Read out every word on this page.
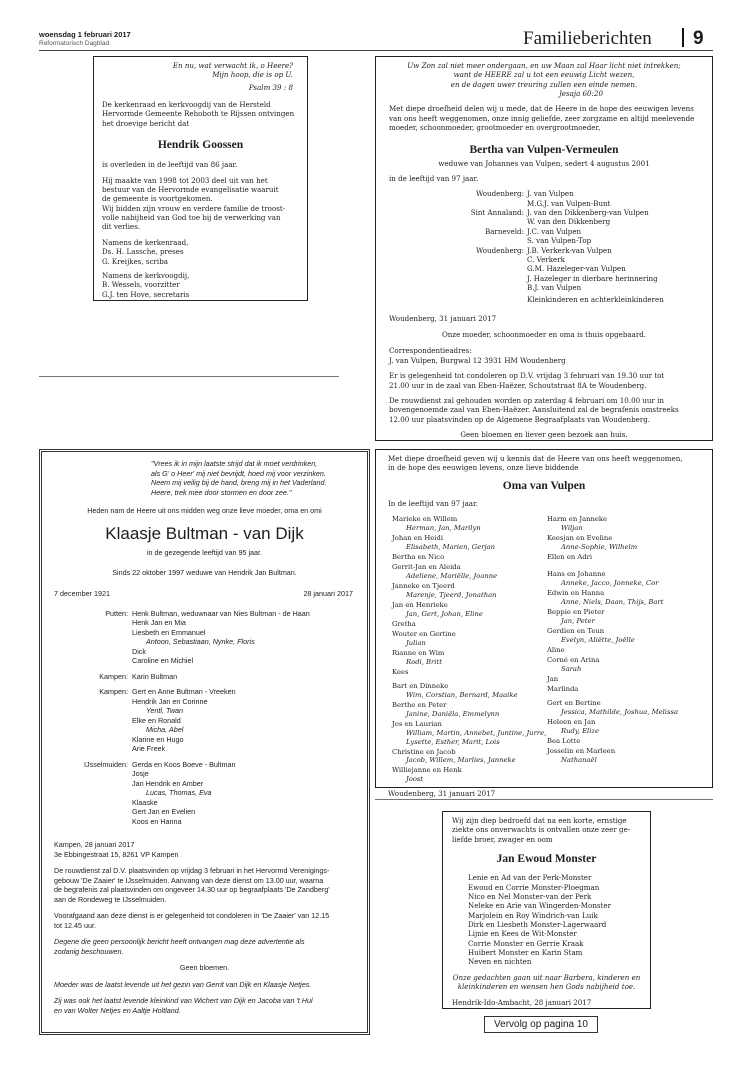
woensdag 1 februari 2017
Reformatorisch Dagblad	Familieberichten 9

En nu, wat verwacht ik, o Heere?
Mijn hoop, die is op U.

Psalm 39 : 8

De kerkenraad en kerkvoogdij van de Hersteld
Hervormde Gemeente Rehoboth te Rijssen ontvingen
het droevige bericht dat

Hendrik Goossen

is overleden in de leeftijd van 86 jaar.

Hij maakte van 1998 tot 2003 deel uit van het
bestuur van de Hervormde evangelisatie waaruit
de gemeente is voortgekomen.
Wij bidden zijn vrouw en verdere familie de troost-
volle nabijheid van God toe bij de verwerking van
dit verlies.

Namens de kerkenraad,
Ds. H. Lassche, preses
G. Kreijkes, scriba

Namens de kerkvoogdij,
B. Wessels, voorzitter
G.J. ten Hove, secretaris

Uw Zon zal niet meer ondergaan, en uw Maan zal Haar licht niet intrekken;
want de HEERE zal u tot een eeuwig Licht wezen,
en de dagen uwer treuring zullen een einde nemen.

Jesaja 60:20

Met diepe droefheid delen wij u mede, dat de Heere in de hope des eeuwigen levens
van ons heeft weggenomen, onze innig geliefde, zeer zorgzame en altijd meelevende
moeder, schoonmoeder, grootmoeder en overgrootmoeder,

Bertha van Vulpen-Vermeulen

weduwe van Johannes van Vulpen, sedert 4 augustus 2001

in de leeftijd van 97 jaar.

Woudenberg: J. van Vulpen
M.G.J. van Vulpen-Bunt

Sint Annaland: J. van den Dikkenberg-van Vulpen
W. van den Dikkenberg

Barneveld: J.C. van Vulpen
S. van Vulpen-Top

Woudenberg: J.B. Verkerk-van Vulpen
C. Verkerk
G.M. Hazeleger-van Vulpen
J. Hazeleger in dierbare herinnering
B.J. van Vulpen

Kleinkinderen en achterkleinkinderen

Woudenberg, 31 januari 2017

Onze moeder, schoonmoeder en oma is thuis opgebaard.

Correspondentieadres:
J. van Vulpen, Burgwal 12 3931 HM Woudenberg

Er is gelegenheid tot condoleren op D.V. vrijdag 3 februari van 19.30 uur tot
21.00 uur in de zaal van Eben-Haëzer, Schoutstraat 8A te Woudenberg.

De rouwdienst zal gehouden worden op zaterdag 4 februari om 10.00 uur in
bovengenoemde zaal van Eben-Haëzer. Aansluitend zal de begrafenis omstreeks
12.00 uur plaatsvinden op de Algemene Begraafplaats van Woudenberg.

Geen bloemen en liever geen bezoek aan huis.

Met diepe droefheid geven wij u kennis dat de Heere van ons heeft weggenomen,
in de hope des eeuwigen levens, onze lieve biddende

Oma van Vulpen

In de leeftijd van 97 jaar.

Marieke en Willem
Herman, Jan, Marilyn
Johan en Heidi
Elisabeth, Marien, Gerjan
Bertha en Nico
Gerrit-Jan en Aleida
Adeliene, Mariëlle, Joanne
Janneke en Tjeerd
Marenje, Tjeerd, Jonathan
Jan en Henrieke
Jan, Gert, Johan, Eline
Gretha
Wouter en Gertine
Julian
Rianne en Wim
Rodi, Britt
Kees
Bart en Dinneke
Wim, Corstian, Bernard, Maaike
Berthe en Peter
Janine, Daniëla, Emmelynn
Jos en Laurian
William, Martin, Annebet, Juntine, Jurre, Lysette, Esther, Marit, Lois
Christine en Jacob
Jacob, Willem, Marlies, Janneke
Williejanne en Henk
Joost
Harm en Janneke
Wiljan
Keesjan en Eveline
Anne-Sophie, Wilhelm
Ellen en Adri
Hans en Johanne
Anneke, Jacco, Jonneke, Cor
Edwin en Hanna
Anne, Niels, Daan, Thijs, Bart
Beppie en Pieter
Jan, Peter
Gerdien en Teun
Evelyn, Aliëtte, Joëlle
Aline
Corné en Arina
Sarah
Jan
Marlinda
Gert en Bertine
Jessica, Mathilde, Joshua, Melissa
Heleen en Jan
Rudy, Elize
Bea Lotte
Josselin en Marleen
Nathanaël

Woudenberg, 31 januari 2017

"Vrees ik in mijn laatste strijd dat ik moet verdrinken,
als G' o Heer' mij niet bevrijdt, hoed mij voor verzinken.
Neem mij veilig bij de hand, breng mij in het Vaderland.
Heere, trek mee door stormen en door zee."

Heden nam de Heere uit ons midden weg onze lieve moeder, oma en omi

Klaasje Bultman - van Dijk

in de gezegende leeftijd van 95 jaar.

Sinds 22 oktober 1997 weduwe van Hendrik Jan Bultman.

7 december 1921	28 januari 2017
Putten: Henk Bultman, weduwnaar van Nies Bultman - de Haan
Henk Jan en Mia
Liesbeth en Emmanuel
Antoon, Sebastiaan, Nynke, Floris
Dick
Caroline en Michiel
Kampen: Karin Bultman
Kampen: Gert en Anne Bultman - Vreeken
Hendrik Jan en Corinne
Yentl, Twan
Elke en Ronald
Micha, Abel
Klarine en Hugo
Arie Freek
IJsselmuiden: Gerda en Koos Boeve - Bultman
Josje
Jan Hendrik en Amber
Lucas, Thomas, Eva
Klaaske
Gert Jan en Evelien
Koos en Hanna

Kampen, 28 januari 2017
3e Ebbingestraat 15, 8261 VP Kampen

De rouwdienst zal D.V. plaatsvinden op vrijdag 3 februari in het Hervormd Verenigings-
gebouw 'De Zaaier' te IJsselmuiden. Aanvang van deze dienst om 13.00 uur, waarna
de begrafenis zal plaatsvinden om ongeveer 14.30 uur op begraafplaats 'De Zandberg'
aan de Rondeweg te IJsselmuiden.

Voorafgaand aan deze dienst is er gelegenheid tot condoleren in 'De Zaaier' van 12.15
tot 12.45 uur.

Degene die geen persoonlijk bericht heeft ontvangen mag deze advertentie als
zodanig beschouwen.

Geen bloemen.

Moeder was de laatst levende uit het gezin van Gerrit van Dijk en Klaasje Netjes.

Zij was ook het laatst levende kleinkind van Wichert van Dijk en Jacoba van 't Hul
en van Wolter Netjes en Aaltje Holtland.

Wij zijn diep bedroefd dat na een korte, ernstige
ziekte ons onverwachts is ontvallen onze zeer ge-
liefde broer, zwager en oom

Jan Ewoud Monster

Lenie en Ad van der Perk-Monster
Ewoud en Corrie Monster-Ploegman
Nico en Nel Monster-van der Perk
Neleke en Arie van Wingerden-Monster
Marjolein en Roy Windrich-van Luik
Dirk en Liesbeth Monster-Lagerwaard
Lijnie en Kees de Wit-Monster
Corrie Monster en Gerrie Kraak
Huibert Monster en Karin Stam
Neven en nichten

Onze gedachten gaan uit naar Barbera, kinderen en
kleinkinderen en wensen hen Gods nabijheid toe.

Hendrik-Ido-Ambacht, 28 januari 2017

Vervolg op pagina 10
